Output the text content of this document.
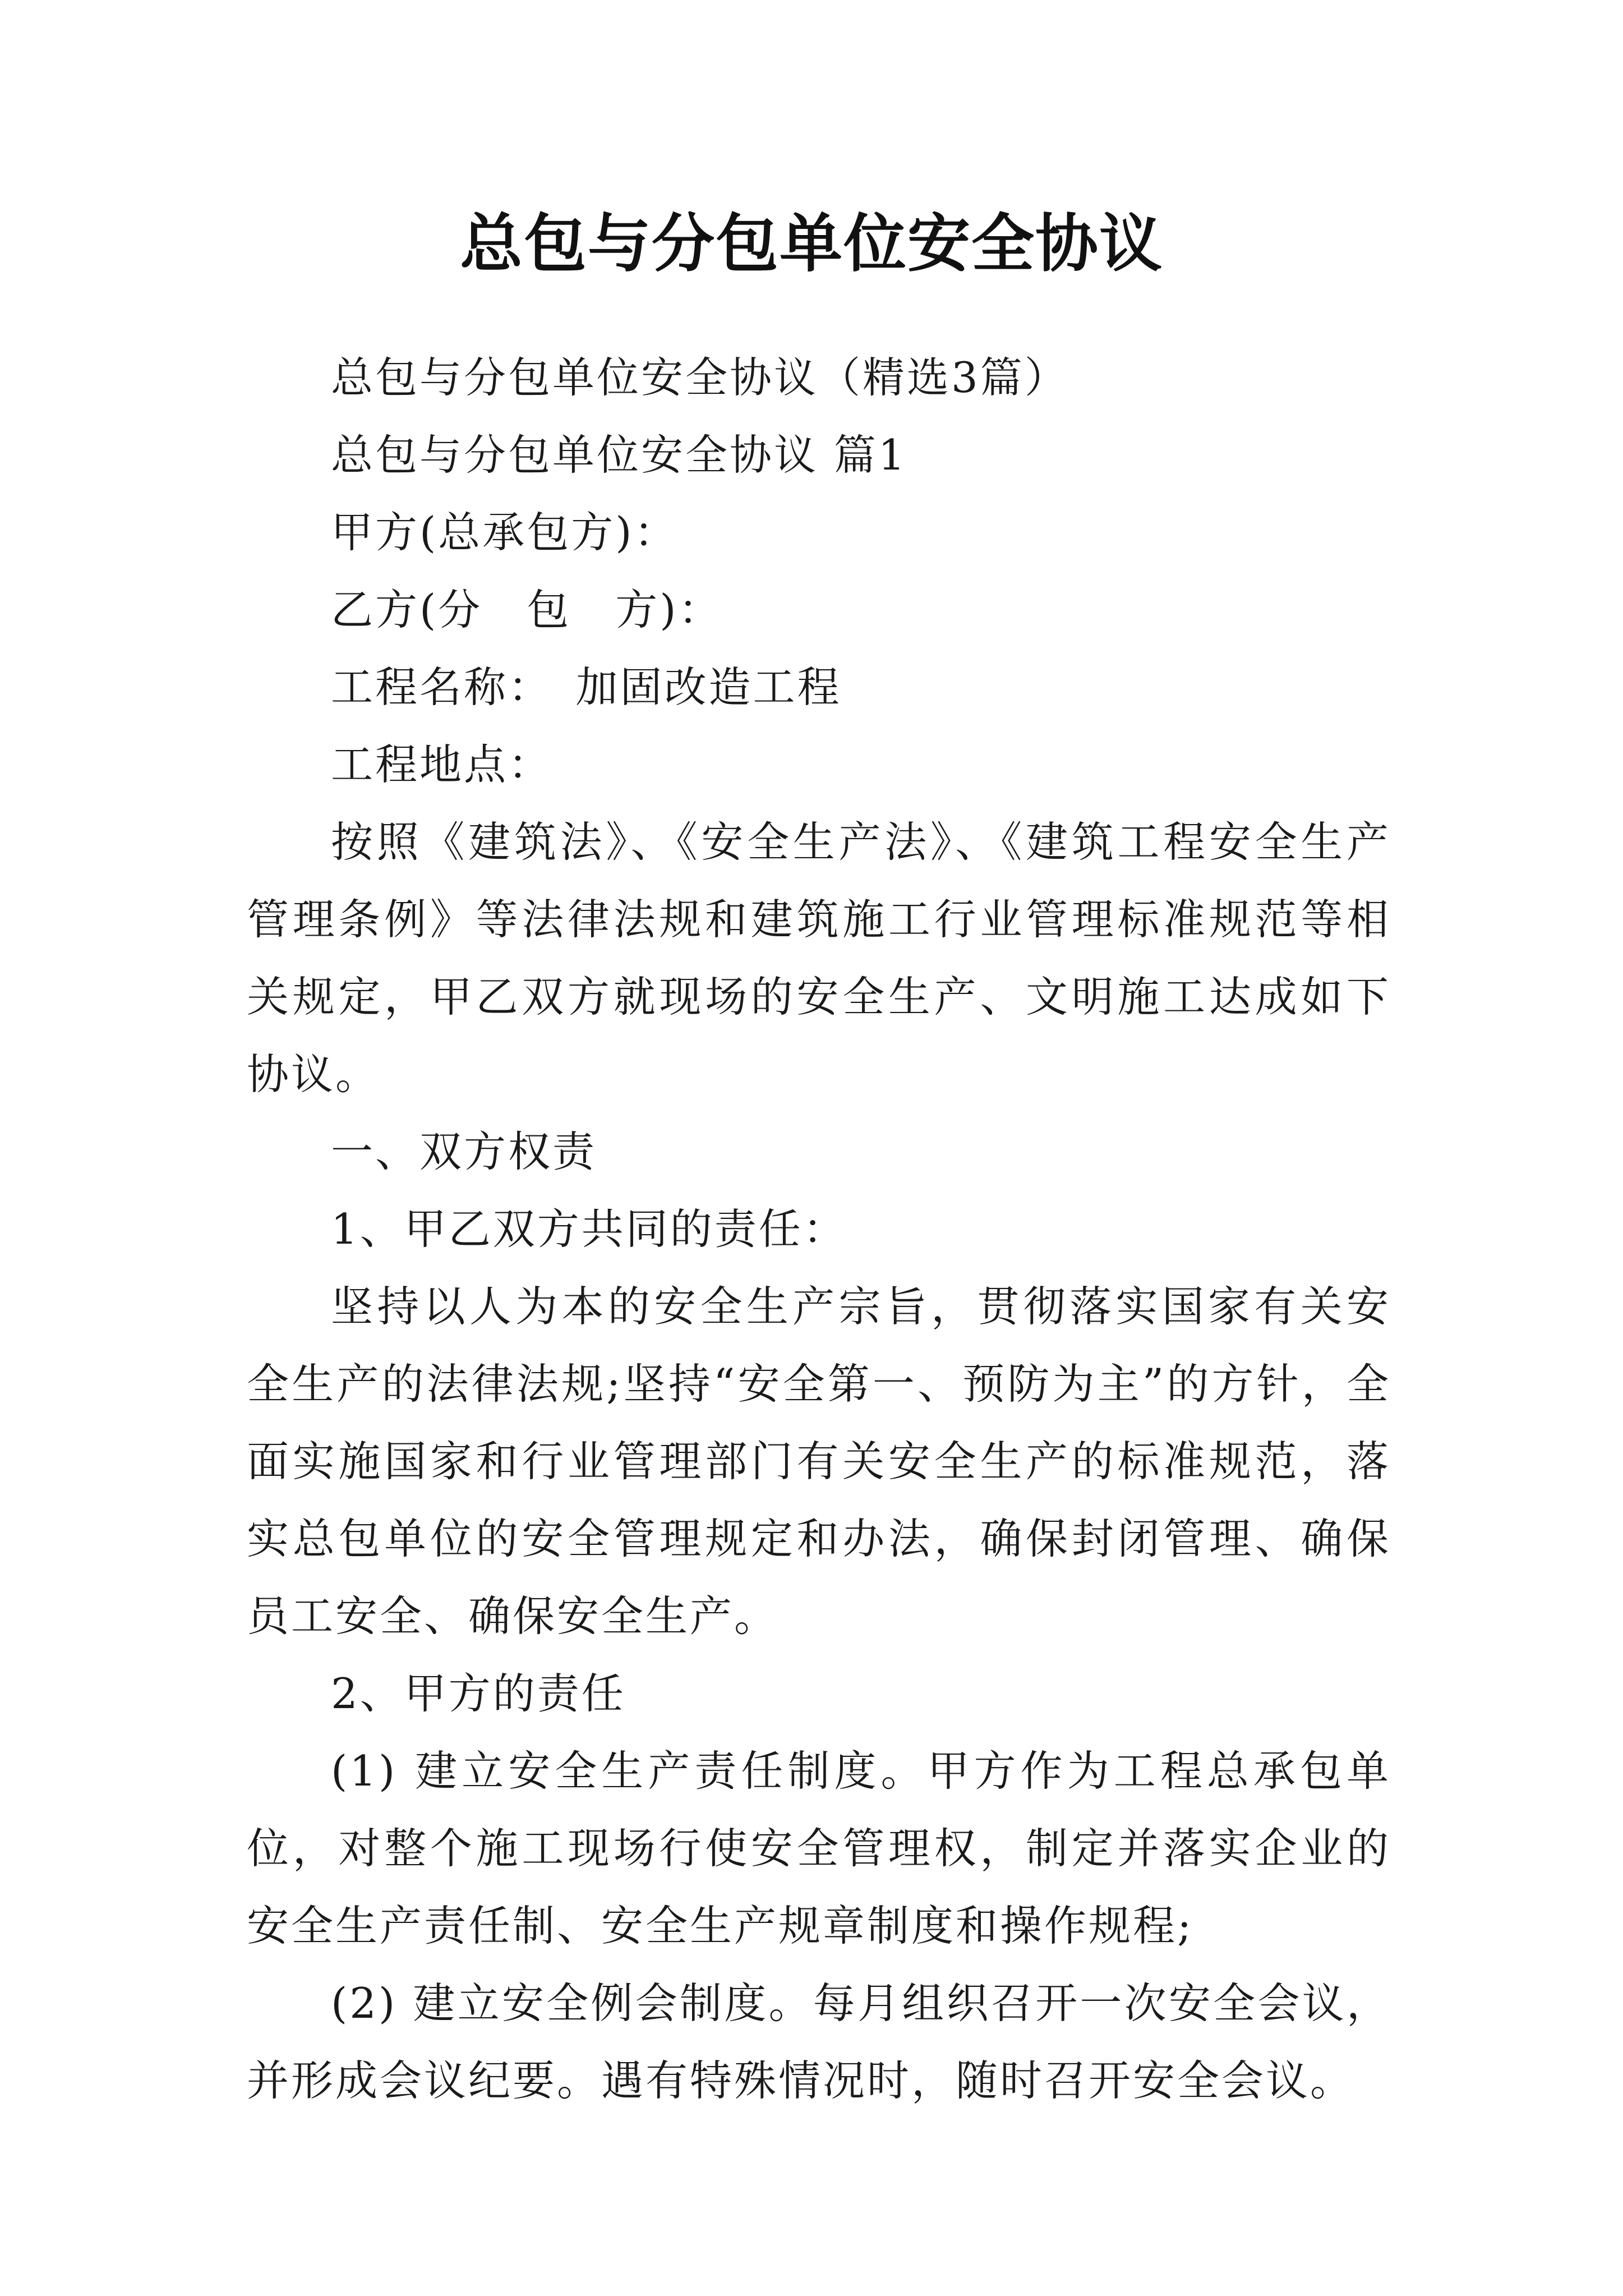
总包与分包单位安全协议

总包与分包单位安全协议（精选3篇）

总包与分包单位安全协议 篇1

甲方(总承包方)：

乙方(分　包　方)：

工程名称：　加固改造工程

工程地点：

按照《建筑法》、《安全生产法》、《建筑工程安全生产管理条例》等法律法规和建筑施工行业管理标准规范等相关规定，甲乙双方就现场的安全生产、文明施工达成如下协议。

一、双方权责

1、甲乙双方共同的责任：

坚持以人为本的安全生产宗旨，贯彻落实国家有关安全生产的法律法规;坚持“安全第一、预防为主”的方针，全面实施国家和行业管理部门有关安全生产的标准规范，落实总包单位的安全管理规定和办法，确保封闭管理、确保员工安全、确保安全生产。

2、甲方的责任

(1) 建立安全生产责任制度。甲方作为工程总承包单位，对整个施工现场行使安全管理权，制定并落实企业的安全生产责任制、安全生产规章制度和操作规程;

(2) 建立安全例会制度。每月组织召开一次安全会议，并形成会议纪要。遇有特殊情况时，随时召开安全会议。
